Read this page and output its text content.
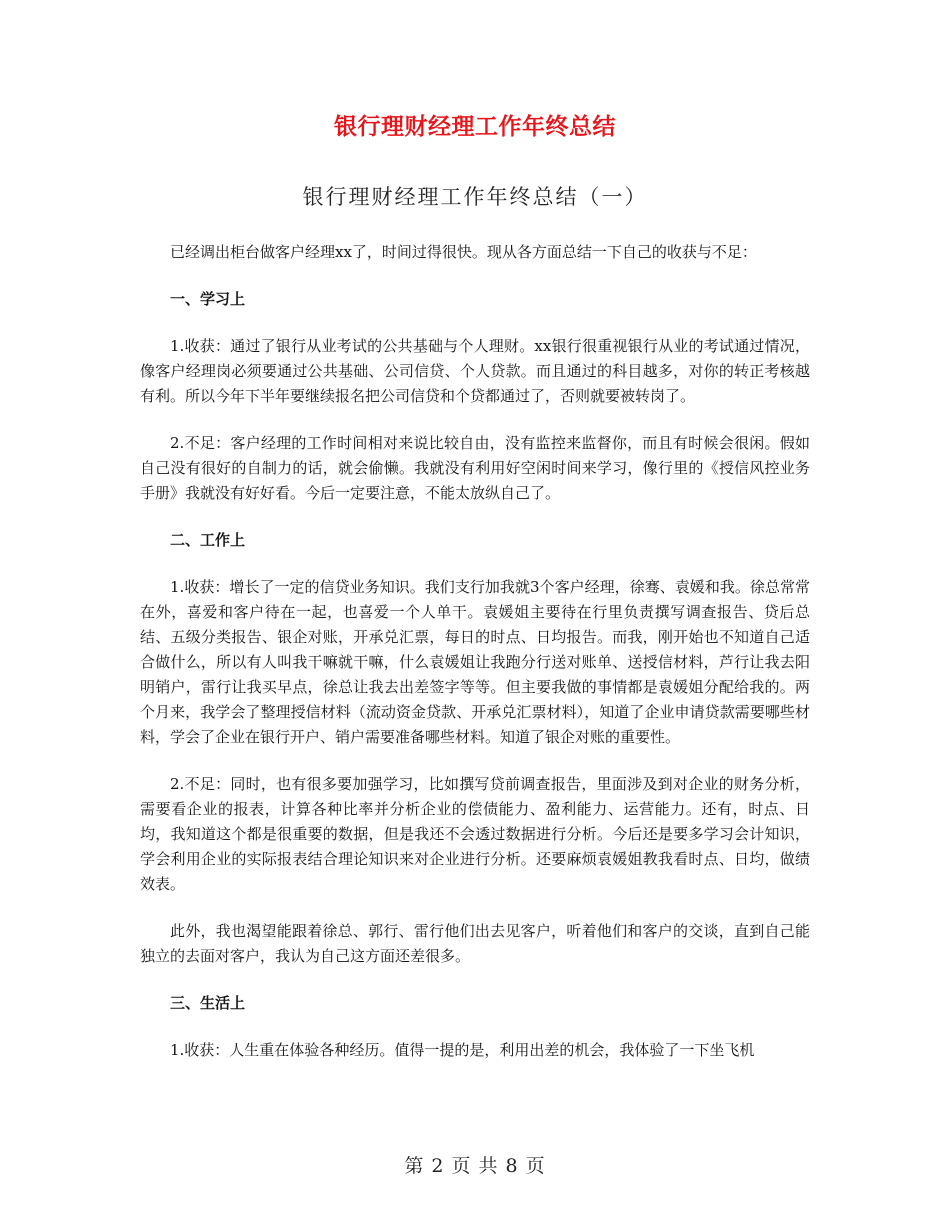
银行理财经理工作年终总结
银行理财经理工作年终总结（一）

已经调出柜台做客户经理xx了，时间过得很快。现从各方面总结一下自己的收获与不足：

一、学习上

1.收获：通过了银行从业考试的公共基础与个人理财。xx银行很重视银行从业的考试通过情况，像客户经理岗必须要通过公共基础、公司信贷、个人贷款。而且通过的科目越多，对你的转正考核越有利。所以今年下半年要继续报名把公司信贷和个贷都通过了，否则就要被转岗了。

2.不足：客户经理的工作时间相对来说比较自由，没有监控来监督你，而且有时候会很闲。假如自己没有很好的自制力的话，就会偷懒。我就没有利用好空闲时间来学习，像行里的《授信风控业务手册》我就没有好好看。今后一定要注意，不能太放纵自己了。

二、工作上

1.收获：增长了一定的信贷业务知识。我们支行加我就3个客户经理，徐骞、袁媛和我。徐总常常在外，喜爱和客户待在一起，也喜爱一个人单干。袁媛姐主要待在行里负责撰写调查报告、贷后总结、五级分类报告、银企对账，开承兑汇票，每日的时点、日均报告。而我，刚开始也不知道自己适合做什么，所以有人叫我干嘛就干嘛，什么袁媛姐让我跑分行送对账单、送授信材料，芦行让我去阳明销户，雷行让我买早点，徐总让我去出差签字等等。但主要我做的事情都是袁媛姐分配给我的。两个月来，我学会了整理授信材料（流动资金贷款、开承兑汇票材料），知道了企业申请贷款需要哪些材料，学会了企业在银行开户、销户需要准备哪些材料。知道了银企对账的重要性。

2.不足：同时，也有很多要加强学习，比如撰写贷前调查报告，里面涉及到对企业的财务分析，需要看企业的报表，计算各种比率并分析企业的偿债能力、盈利能力、运营能力。还有，时点、日均，我知道这个都是很重要的数据，但是我还不会透过数据进行分析。今后还是要多学习会计知识，学会利用企业的实际报表结合理论知识来对企业进行分析。还要麻烦袁媛姐教我看时点、日均，做绩效表。

此外，我也渴望能跟着徐总、郭行、雷行他们出去见客户，听着他们和客户的交谈，直到自己能独立的去面对客户，我认为自己这方面还差很多。

三、生活上

1.收获：人生重在体验各种经历。值得一提的是，利用出差的机会，我体验了一下坐飞机

第 2 页 共 8 页
